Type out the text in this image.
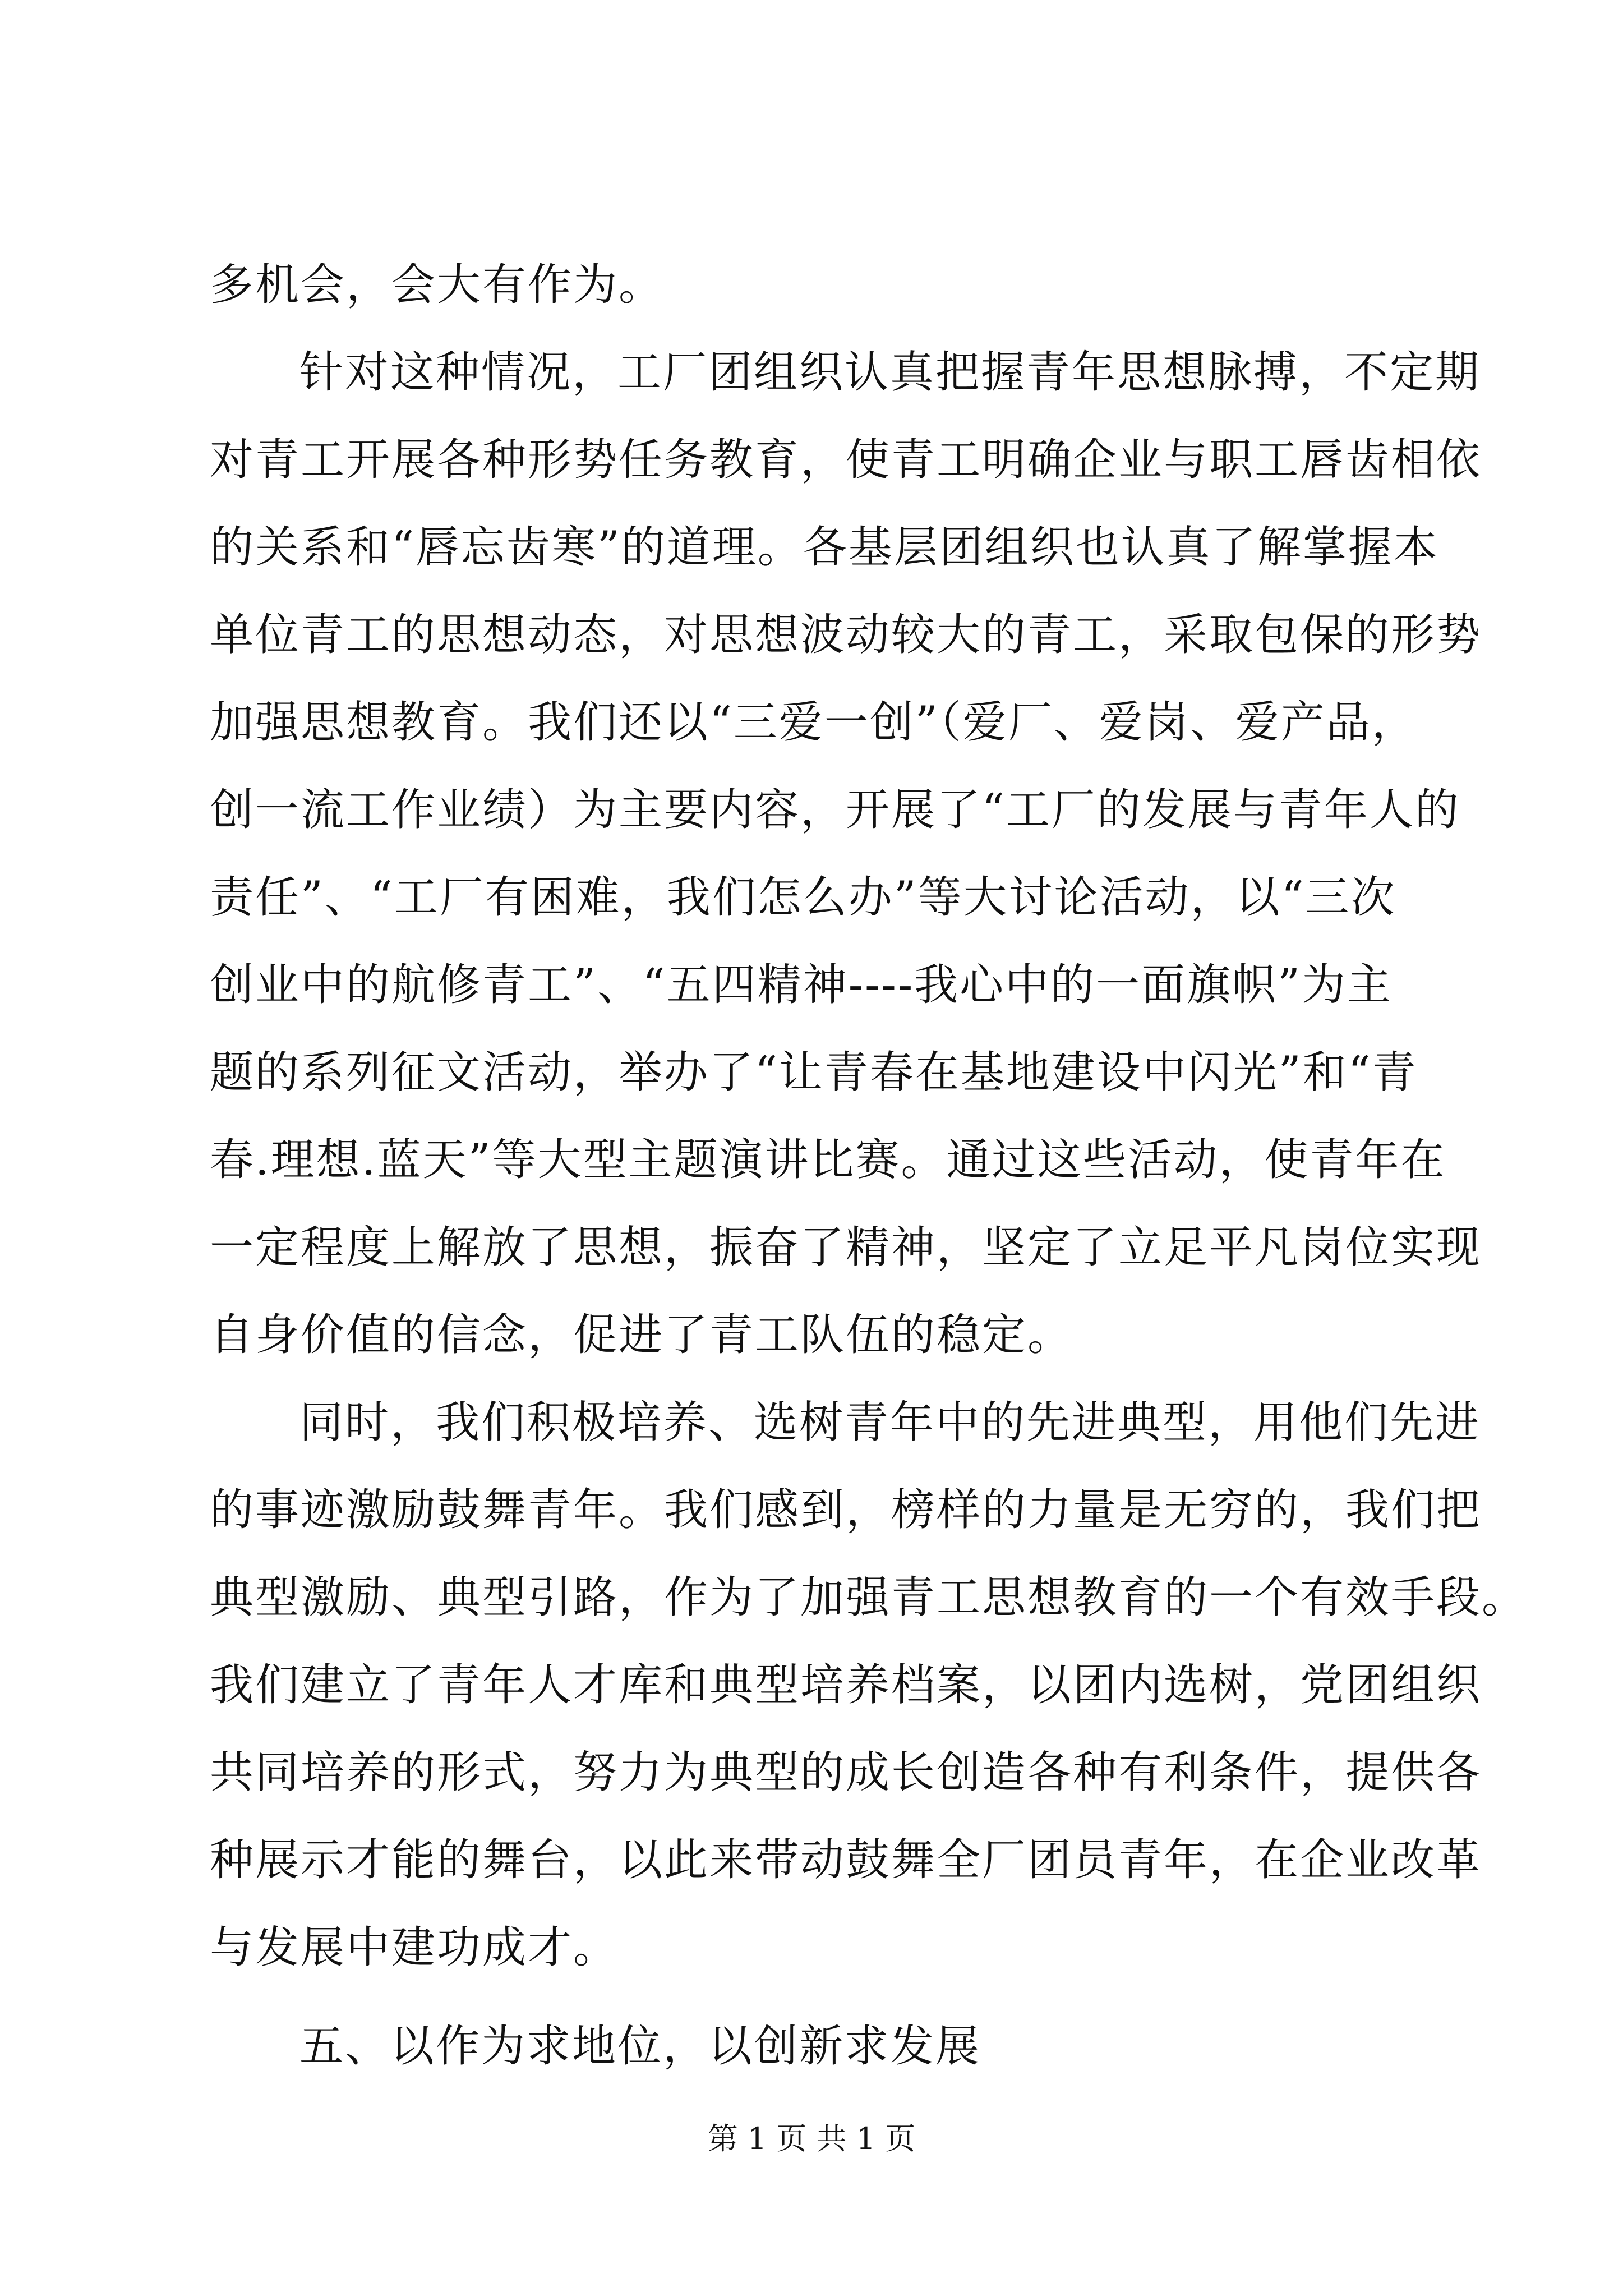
多机会，会大有作为。
针对这种情况，工厂团组织认真把握青年思想脉搏，不定期
对青工开展各种形势任务教育，使青工明确企业与职工唇齿相依
的关系和“唇忘齿寒”的道理。各基层团组织也认真了解掌握本
单位青工的思想动态，对思想波动较大的青工，采取包保的形势
加强思想教育。我们还以“三爱一创”（爱厂、爱岗、爱产品，
创一流工作业绩）为主要内容，开展了“工厂的发展与青年人的
责任”、“工厂有困难，我们怎么办”等大讨论活动，以“三次
创业中的航修青工”、“五四精神----我心中的一面旗帜”为主
题的系列征文活动，举办了“让青春在基地建设中闪光”和“青
春.理想.蓝天”等大型主题演讲比赛。通过这些活动，使青年在
一定程度上解放了思想，振奋了精神，坚定了立足平凡岗位实现
自身价值的信念，促进了青工队伍的稳定。
同时，我们积极培养、选树青年中的先进典型，用他们先进
的事迹激励鼓舞青年。我们感到，榜样的力量是无穷的，我们把
典型激励、典型引路，作为了加强青工思想教育的一个有效手段。
我们建立了青年人才库和典型培养档案，以团内选树，党团组织
共同培养的形式，努力为典型的成长创造各种有利条件，提供各
种展示才能的舞台，以此来带动鼓舞全厂团员青年，在企业改革
与发展中建功成才。
五、以作为求地位，以创新求发展
第 1 页 共 1 页
